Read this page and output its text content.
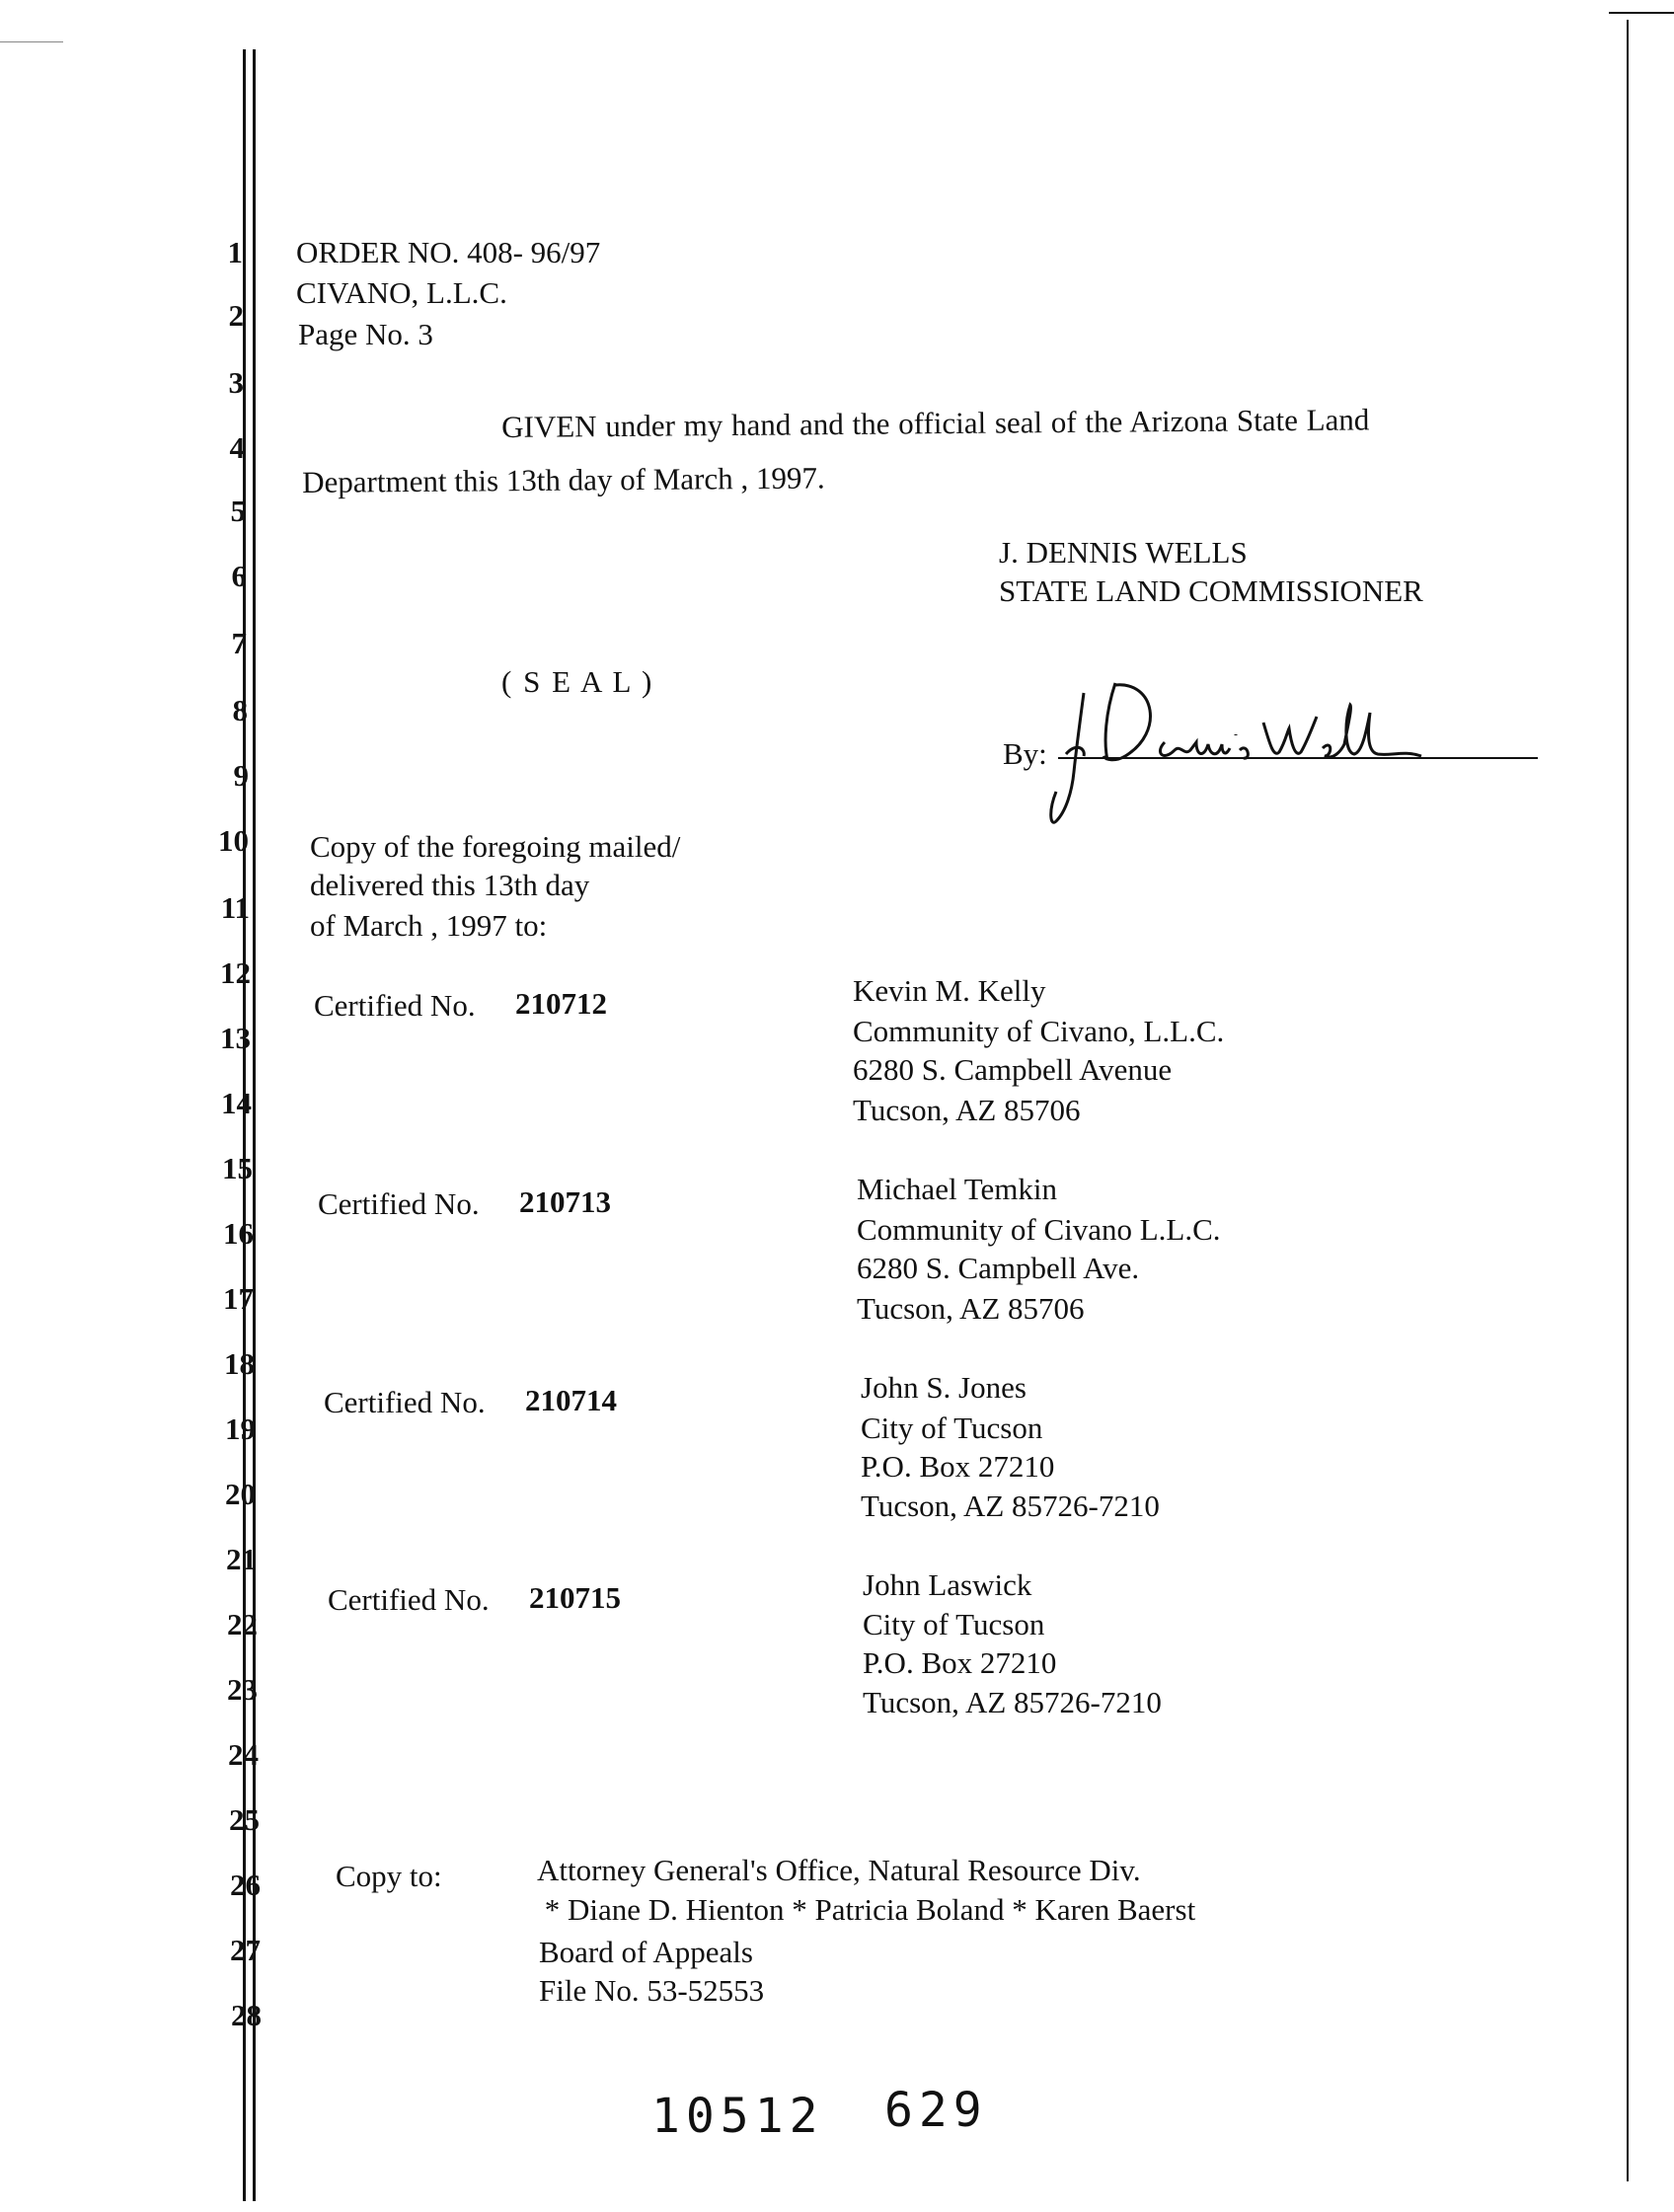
1
2
3
4
5
6
7
8
9
10
11
12
13
14
15
16
17
18
19
20
21
22
23
24
25
26
27
28
ORDER NO. 408- 96/97
CIVANO, L.L.C.
Page No. 3
GIVEN under my hand and the official seal of the Arizona State Land
Department this 13th day of March , 1997.
J. DENNIS WELLS
STATE LAND COMMISSIONER
( S E A L )
By:
Copy of the foregoing mailed/
delivered this 13th day
of March , 1997 to:
Certified No. 210712	Kevin M. Kelly
Community of Civano, L.L.C.
6280 S. Campbell Avenue
Tucson, AZ 85706
Certified No. 210713	Michael Temkin
Community of Civano L.L.C.
6280 S. Campbell Ave.
Tucson, AZ 85706
Certified No. 210714	John S. Jones
City of Tucson
P.O. Box 27210
Tucson, AZ 85726-7210
Certified No. 210715	John Laswick
City of Tucson
P.O. Box 27210
Tucson, AZ 85726-7210
Copy to:	Attorney General's Office, Natural Resource Div.
* Diane D. Hienton * Patricia Boland * Karen Baerst
Board of Appeals
File No. 53-52553
10512 629
